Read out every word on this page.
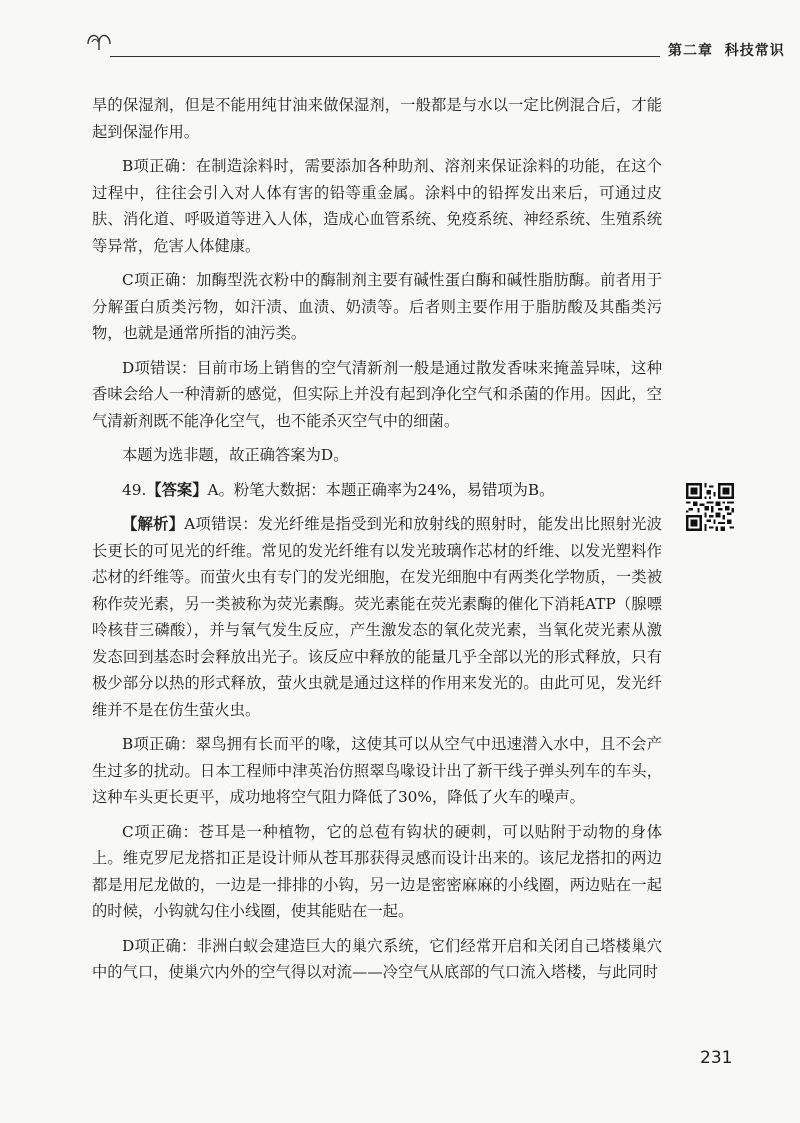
第二章 科技常识

旱的保湿剂，但是不能用纯甘油来做保湿剂，一般都是与水以一定比例混合后，才能起到保湿作用。

B项正确：在制造涂料时，需要添加各种助剂、溶剂来保证涂料的功能，在这个过程中，往往会引入对人体有害的铅等重金属。涂料中的铅挥发出来后，可通过皮肤、消化道、呼吸道等进入人体，造成心血管系统、免疫系统、神经系统、生殖系统等异常，危害人体健康。

C项正确：加酶型洗衣粉中的酶制剂主要有碱性蛋白酶和碱性脂肪酶。前者用于分解蛋白质类污物，如汗渍、血渍、奶渍等。后者则主要作用于脂肪酸及其酯类污物，也就是通常所指的油污类。

D项错误：目前市场上销售的空气清新剂一般是通过散发香味来掩盖异味，这种香味会给人一种清新的感觉，但实际上并没有起到净化空气和杀菌的作用。因此，空气清新剂既不能净化空气，也不能杀灭空气中的细菌。

本题为选非题，故正确答案为D。

49.【答案】A。粉笔大数据：本题正确率为24%，易错项为B。

【解析】A项错误：发光纤维是指受到光和放射线的照射时，能发出比照射光波长更长的可见光的纤维。常见的发光纤维有以发光玻璃作芯材的纤维、以发光塑料作芯材的纤维等。而萤火虫有专门的发光细胞，在发光细胞中有两类化学物质，一类被称作荧光素，另一类被称为荧光素酶。荧光素能在荧光素酶的催化下消耗ATP（腺嘌呤核苷三磷酸），并与氧气发生反应，产生激发态的氧化荧光素，当氧化荧光素从激发态回到基态时会释放出光子。该反应中释放的能量几乎全部以光的形式释放，只有极少部分以热的形式释放，萤火虫就是通过这样的作用来发光的。由此可见，发光纤维并不是在仿生萤火虫。

B项正确：翠鸟拥有长而平的喙，这使其可以从空气中迅速潜入水中，且不会产生过多的扰动。日本工程师中津英治仿照翠鸟喙设计出了新干线子弹头列车的车头，这种车头更长更平，成功地将空气阻力降低了30%，降低了火车的噪声。

C项正确：苍耳是一种植物，它的总苞有钩状的硬刺，可以贴附于动物的身体上。维克罗尼龙搭扣正是设计师从苍耳那获得灵感而设计出来的。该尼龙搭扣的两边都是用尼龙做的，一边是一排排的小钩，另一边是密密麻麻的小线圈，两边贴在一起的时候，小钩就勾住小线圈，使其能贴在一起。

D项正确：非洲白蚁会建造巨大的巢穴系统，它们经常开启和关闭自己塔楼巢穴中的气口，使巢穴内外的空气得以对流——冷空气从底部的气口流入塔楼，与此同时

231
